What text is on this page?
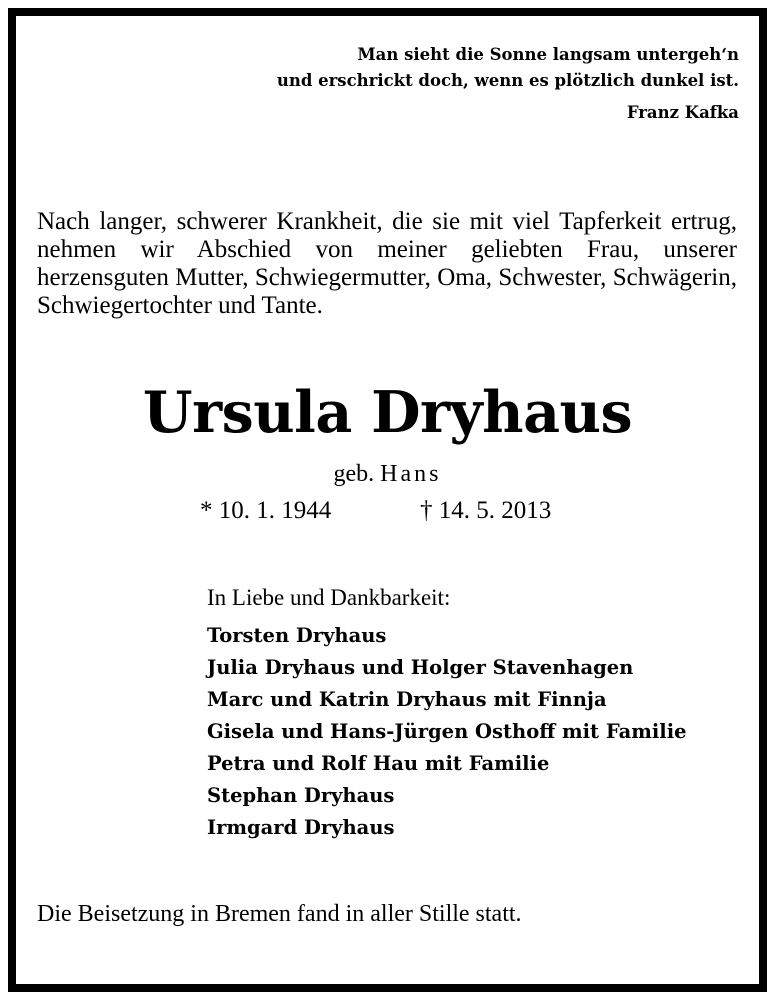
Man sieht die Sonne langsam untergeh‘n
und erschrickt doch, wenn es plötzlich dunkel ist.
Franz Kafka
Nach langer, schwerer Krankheit, die sie mit viel Tapferkeit ertrug, nehmen wir Abschied von meiner geliebten Frau, unserer herzensguten Mutter, Schwiegermutter, Oma, Schwester, Schwägerin, Schwiegertochter und Tante.
Ursula Dryhaus
geb. Hans
* 10. 1. 1944	† 14. 5. 2013
In Liebe und Dankbarkeit:
Torsten Dryhaus
Julia Dryhaus und Holger Stavenhagen
Marc und Katrin Dryhaus mit Finnja
Gisela und Hans-Jürgen Osthoff mit Familie
Petra und Rolf Hau mit Familie
Stephan Dryhaus
Irmgard Dryhaus
Die Beisetzung in Bremen fand in aller Stille statt.
